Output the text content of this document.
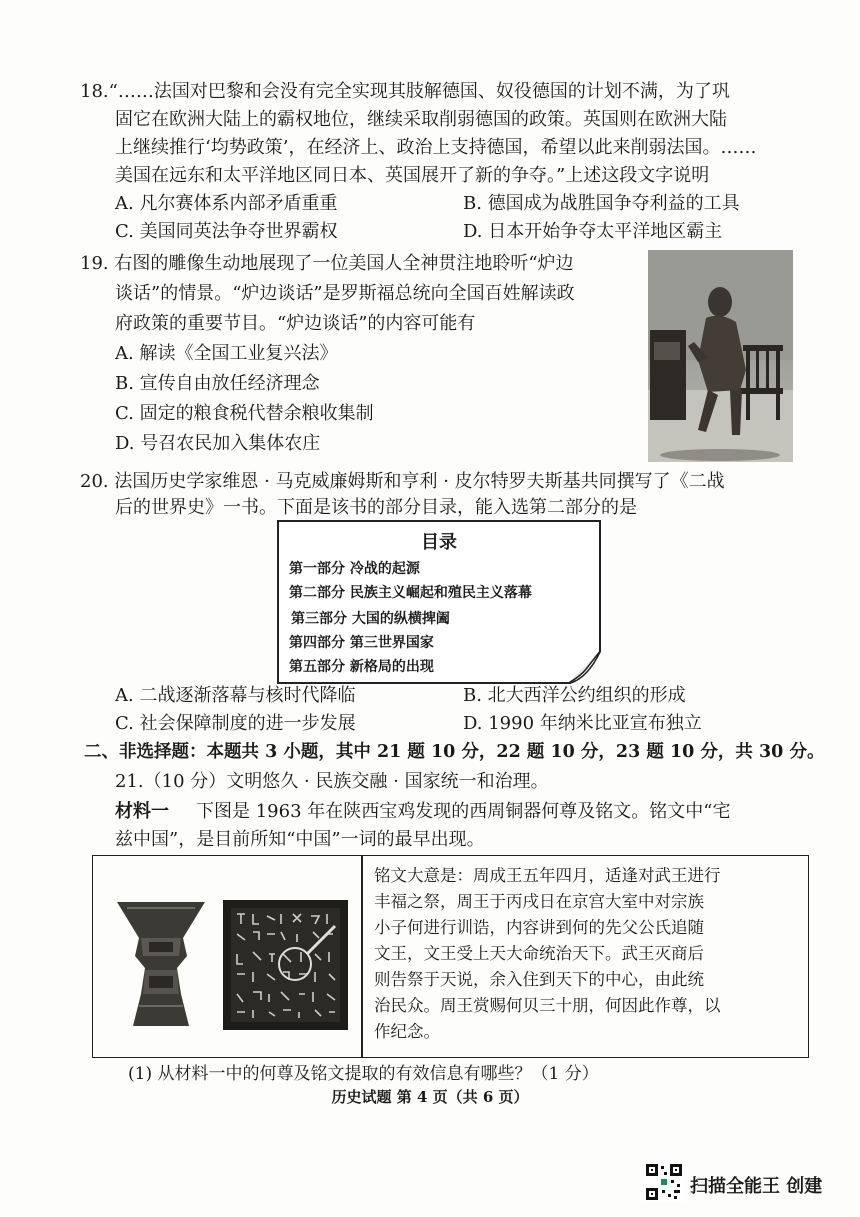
18.“……法国对巴黎和会没有完全实现其肢解德国、奴役德国的计划不满，为了巩
固它在欧洲大陆上的霸权地位，继续采取削弱德国的政策。英国则在欧洲大陆
上继续推行‘均势政策’，在经济上、政治上支持德国，希望以此来削弱法国。……
美国在远东和太平洋地区同日本、英国展开了新的争夺。”上述这段文字说明
A. 凡尔赛体系内部矛盾重重	B. 德国成为战胜国争夺利益的工具
C. 美国同英法争夺世界霸权	D. 日本开始争夺太平洋地区霸主
19. 右图的雕像生动地展现了一位美国人全神贯注地聆听“炉边
谈话”的情景。“炉边谈话”是罗斯福总统向全国百姓解读政
府政策的重要节目。“炉边谈话”的内容可能有
A. 解读《全国工业复兴法》
B. 宣传自由放任经济理念
C. 固定的粮食税代替余粮收集制
D. 号召农民加入集体农庄
20. 法国历史学家维恩 · 马克威廉姆斯和亨利 · 皮尔特罗夫斯基共同撰写了《二战
后的世界史》一书。下面是该书的部分目录，能入选第二部分的是
目录
第一部分 冷战的起源
第二部分 民族主义崛起和殖民主义落幕
第三部分 大国的纵横捭阖
第四部分 第三世界国家
第五部分 新格局的出现
A. 二战逐渐落幕与核时代降临	B. 北大西洋公约组织的形成
C. 社会保障制度的进一步发展	D. 1990 年纳米比亚宣布独立
二、非选择题：本题共 3 小题，其中 21 题 10 分，22 题 10 分，23 题 10 分，共 30 分。
21.（10 分）文明悠久 · 民族交融 · 国家统一和治理。
材料一 下图是 1963 年在陕西宝鸡发现的西周铜器何尊及铭文。铭文中“宅
兹中国”，是目前所知“中国”一词的最早出现。
铭文大意是：周成王五年四月，适逢对武王进行
丰福之祭，周王于丙戌日在京宫大室中对宗族
小子何进行训诰，内容讲到何的先父公氏追随
文王，文王受上天大命统治天下。武王灭商后
则告祭于天说，余入住到天下的中心，由此统
治民众。周王赏赐何贝三十朋，何因此作尊，以
作纪念。
(1) 从材料一中的何尊及铭文提取的有效信息有哪些？（1 分）
历史试题 第 4 页（共 6 页）
扫描全能王 创建
